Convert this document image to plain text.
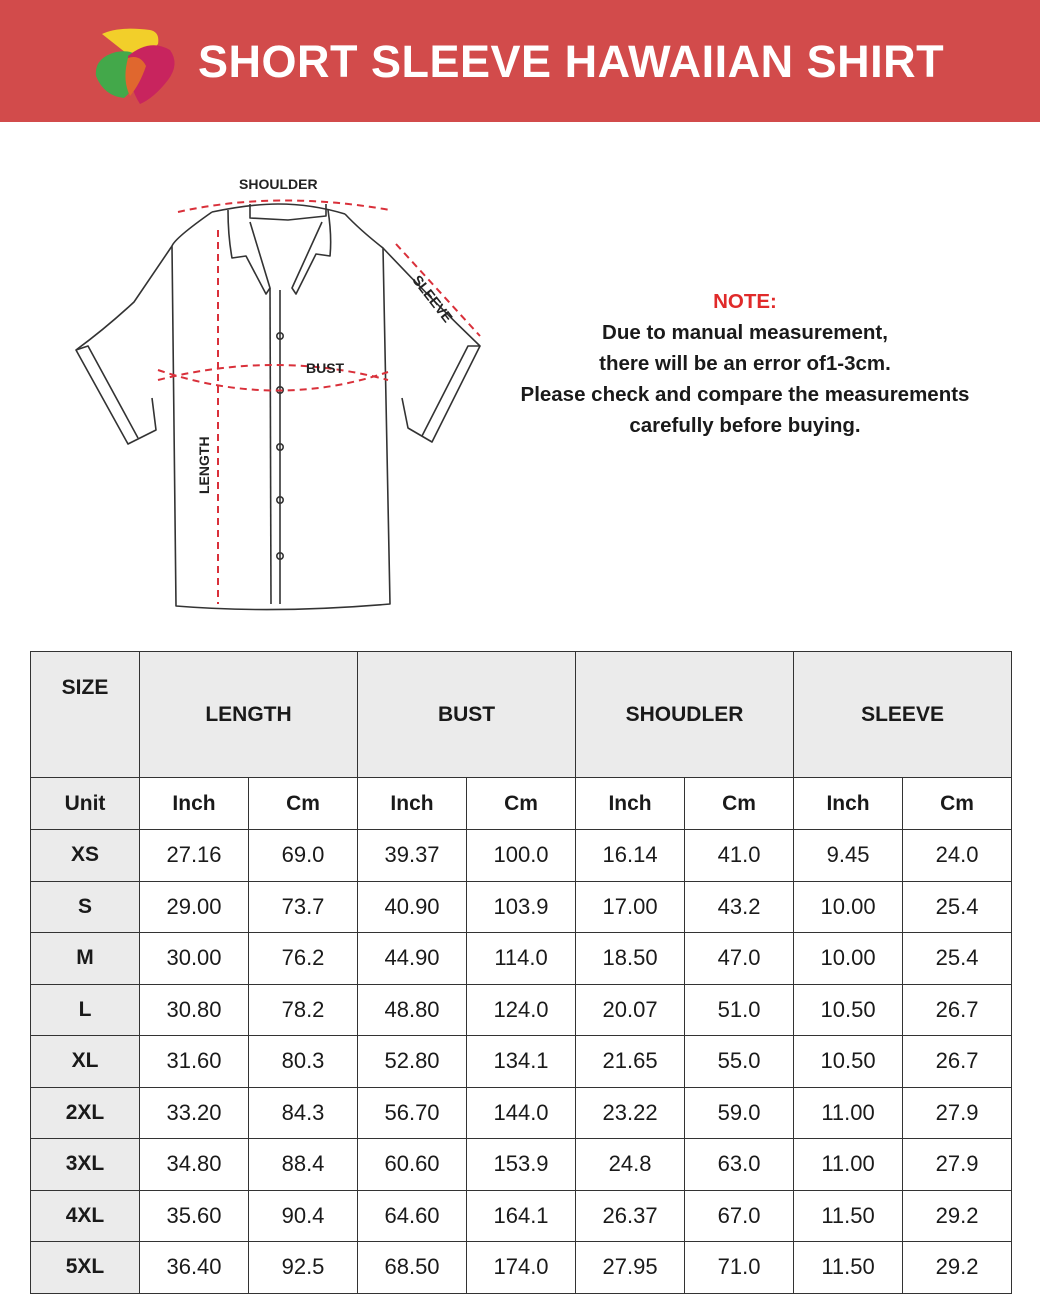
SHORT SLEEVE HAWAIIAN SHIRT
SHOULDER
SLEEVE
BUST
LENGTH
NOTE:
Due to manual measurement,
there will be an error of1-3cm.
Please check and compare the measurements
carefully before buying.
SIZE	LENGTH		BUST		SHOUDLER		SLEEVE	
Unit	Inch	Cm	Inch	Cm	Inch	Cm	Inch	Cm
XS	27.16	69.0	39.37	100.0	16.14	41.0	9.45	24.0
S	29.00	73.7	40.90	103.9	17.00	43.2	10.00	25.4
M	30.00	76.2	44.90	114.0	18.50	47.0	10.00	25.4
L	30.80	78.2	48.80	124.0	20.07	51.0	10.50	26.7
XL	31.60	80.3	52.80	134.1	21.65	55.0	10.50	26.7
2XL	33.20	84.3	56.70	144.0	23.22	59.0	11.00	27.9
3XL	34.80	88.4	60.60	153.9	24.8	63.0	11.00	27.9
4XL	35.60	90.4	64.60	164.1	26.37	67.0	11.50	29.2
5XL	36.40	92.5	68.50	174.0	27.95	71.0	11.50	29.2
